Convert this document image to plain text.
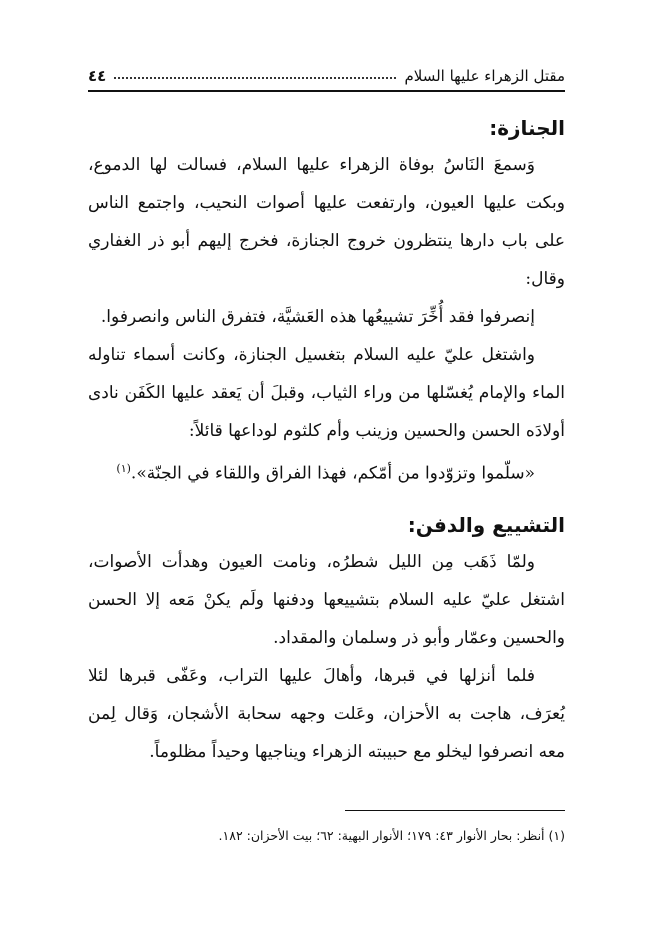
مقتل الزهراء عليها السلام
٤٤
الجنازة:

وَسمعَ النَاسُ بوفاة الزهراء عليها السلام، فسالت لها الدموع، وبكت عليها العيون، وارتفعت عليها أصوات النحيب، واجتمع الناس على باب دارها ينتظرون خروج الجنازة، فخرج إليهم أبو ذر الغفاري وقال:

إنصرفوا فقد أُخِّرَ تشييعُها هذه العَشيَّة، فتفرق الناس وانصرفوا.

واشتغل عليّ عليه السلام بتغسيل الجنازة، وكانت أسماء تناوله الماء والإمام يُغسّلها من وراء الثياب، وقبلَ أن يَعقد عليها الكَفَن نادى أولادَه الحسن والحسين وزينب وأم كلثوم لوداعها قائلاً:

«سلّموا وتزوّدوا من أمّكم، فهذا الفراق واللقاء في الجنّة».$^{(١)}$

التشييع والدفن:

ولمّا ذَهَب مِن الليل شطرُه، ونامت العيون وهدأت الأصوات، اشتغل عليّ عليه السلام بتشييعها ودفنها ولَم يكنْ مَعه إلا الحسن والحسين وعمّار وأبو ذر وسلمان والمقداد.

فلما أنزلها في قبرها، وأهالَ عليها التراب، وعَفّى قبرها لئلا يُعرَف، هاجت به الأحزان، وعَلت وجهه سحابة الأشجان، وَقال لِمن معه انصرفوا ليخلو مع حبيبته الزهراء ويناجيها وحيداً مظلوماً.

(١) أنظر: بحار الأنوار ٤٣: ١٧٩؛ الأنوار البهية: ٦٢؛ بيت الأحزان: ١٨٢.
